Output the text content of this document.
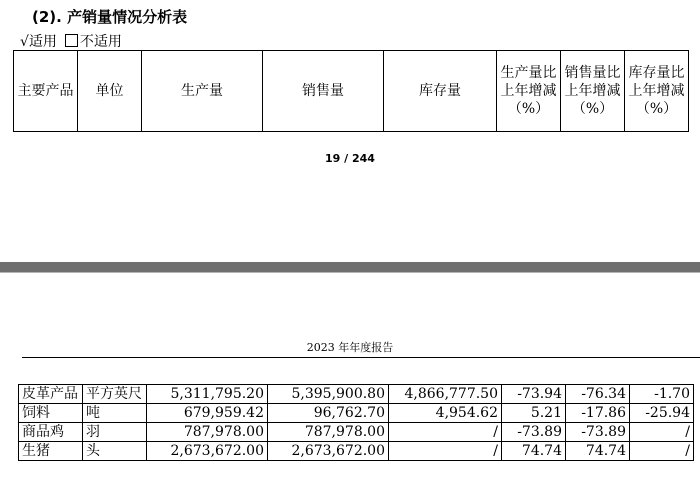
(2). 产销量情况分析表
√适用 不适用
主要产品	单位	生产量	销售量	库存量	生产量比上年增减（%）	销售量比上年增减（%）	库存量比上年增减（%）
19 / 244
2023 年年度报告
皮革产品	平方英尺	5,311,795.20	5,395,900.80	4,866,777.50	-73.94	-76.34	-1.70
饲料	吨	679,959.42	96,762.70	4,954.62	5.21	-17.86	-25.94
商品鸡	羽	787,978.00	787,978.00	/	-73.89	-73.89	/
生猪	头	2,673,672.00	2,673,672.00	/	74.74	74.74	/
